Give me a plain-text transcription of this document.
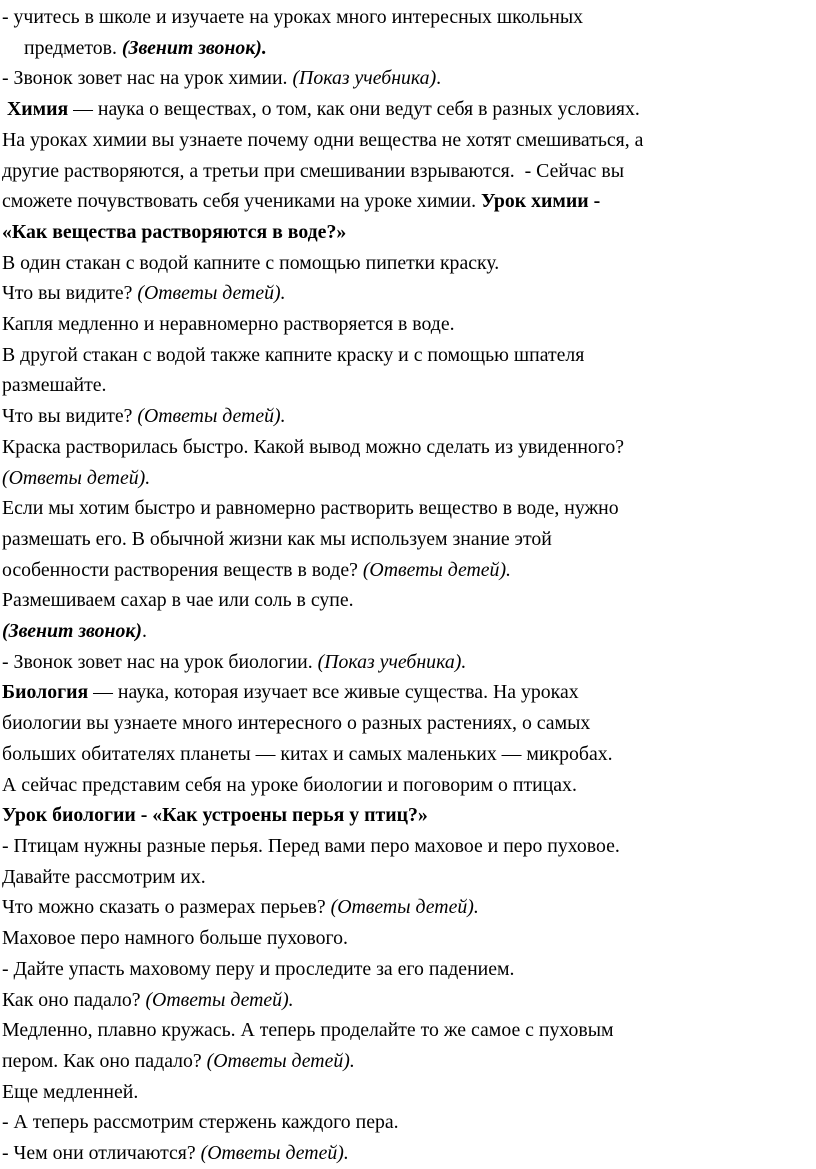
- учитесь в школе и изучаете на уроках много интересных школьных
предметов. (Звенит звонок).
- Звонок зовет нас на урок химии. (Показ учебника).
Химия — наука о веществах, о том, как они ведут себя в разных условиях.
На уроках химии вы узнаете почему одни вещества не хотят смешиваться, а
другие растворяются, а третьи при смешивании взрываются.  - Сейчас вы
сможете почувствовать себя учениками на уроке химии. Урок химии -
«Как вещества растворяются в воде?»
В один стакан с водой капните с помощью пипетки краску.
Что вы видите? (Ответы детей).
Капля медленно и неравномерно растворяется в воде.
В другой стакан с водой также капните краску и с помощью шпателя
размешайте.
Что вы видите? (Ответы детей).
Краска растворилась быстро. Какой вывод можно сделать из увиденного?
(Ответы детей).
Если мы хотим быстро и равномерно растворить вещество в воде, нужно
размешать его. В обычной жизни как мы используем знание этой
особенности растворения веществ в воде? (Ответы детей).
Размешиваем сахар в чае или соль в супе.
(Звенит звонок).
- Звонок зовет нас на урок биологии. (Показ учебника).
Биология — наука, которая изучает все живые существа. На уроках
биологии вы узнаете много интересного о разных растениях, о самых
больших обитателях планеты — китах и самых маленьких — микробах.
А сейчас представим себя на уроке биологии и поговорим о птицах.
Урок биологии - «Как устроены перья у птиц?»
- Птицам нужны разные перья. Перед вами перо маховое и перо пуховое.
Давайте рассмотрим их.
Что можно сказать о размерах перьев? (Ответы детей).
Маховое перо намного больше пухового.
- Дайте упасть маховому перу и проследите за его падением.
Как оно падало? (Ответы детей).
Медленно, плавно кружась. А теперь проделайте то же самое с пуховым
пером. Как оно падало? (Ответы детей).
Еще медленней.
- А теперь рассмотрим стержень каждого пера.
- Чем они отличаются? (Ответы детей).
